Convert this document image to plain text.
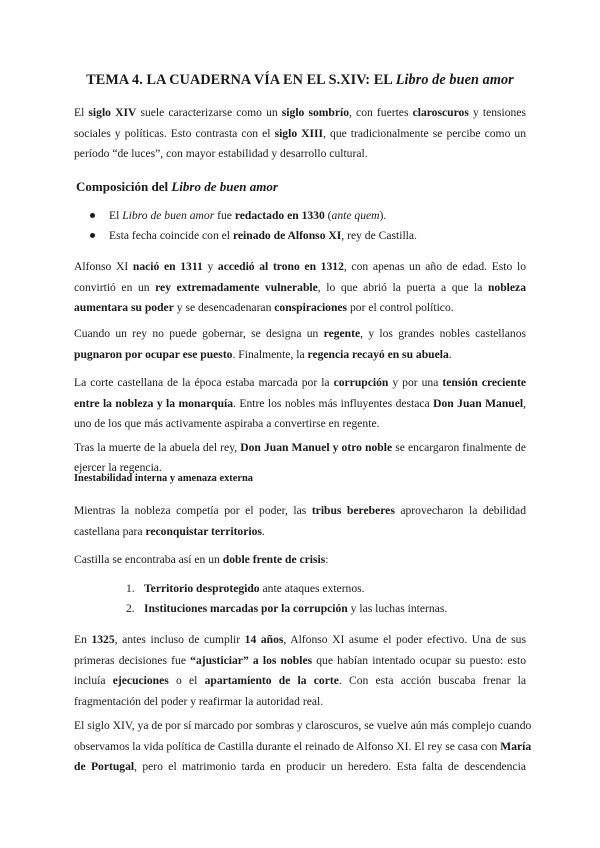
TEMA 4. LA CUADERNA VÍA EN EL S.XIV: EL Libro de buen amor
El siglo XIV suele caracterizarse como un siglo sombrío, con fuertes claroscuros y tensiones
sociales y políticas. Esto contrasta con el siglo XIII, que tradicionalmente se percibe como un
período “de luces”, con mayor estabilidad y desarrollo cultural.
Composición del Libro de buen amor
El Libro de buen amor fue redactado en 1330 (ante quem).
Esta fecha coincide con el reinado de Alfonso XI, rey de Castilla.
Alfonso XI nació en 1311 y accedió al trono en 1312, con apenas un año de edad. Esto lo
convirtió en un rey extremadamente vulnerable, lo que abrió la puerta a que la nobleza
aumentara su poder y se desencadenaran conspiraciones por el control político.
Cuando un rey no puede gobernar, se designa un regente, y los grandes nobles castellanos
pugnaron por ocupar ese puesto. Finalmente, la regencia recayó en su abuela.
La corte castellana de la época estaba marcada por la corrupción y por una tensión creciente
entre la nobleza y la monarquía. Entre los nobles más influyentes destaca Don Juan Manuel,
uno de los que más activamente aspiraba a convertirse en regente.
Tras la muerte de la abuela del rey, Don Juan Manuel y otro noble se encargaron finalmente de
ejercer la regencia.
Inestabilidad interna y amenaza externa
Mientras la nobleza competía por el poder, las tribus bereberes aprovecharon la debilidad
castellana para reconquistar territorios.
Castilla se encontraba así en un doble frente de crisis:
1. Territorio desprotegido ante ataques externos.
2. Instituciones marcadas por la corrupción y las luchas internas.
En 1325, antes incluso de cumplir 14 años, Alfonso XI asume el poder efectivo. Una de sus
primeras decisiones fue “ajusticiar” a los nobles que habían intentado ocupar su puesto: esto
incluía ejecuciones o el apartamiento de la corte. Con esta acción buscaba frenar la
fragmentación del poder y reafirmar la autoridad real.
El siglo XIV, ya de por sí marcado por sombras y claroscuros, se vuelve aún más complejo cuando
observamos la vida política de Castilla durante el reinado de Alfonso XI. El rey se casa con María
de Portugal, pero el matrimonio tarda en producir un heredero. Esta falta de descendencia
